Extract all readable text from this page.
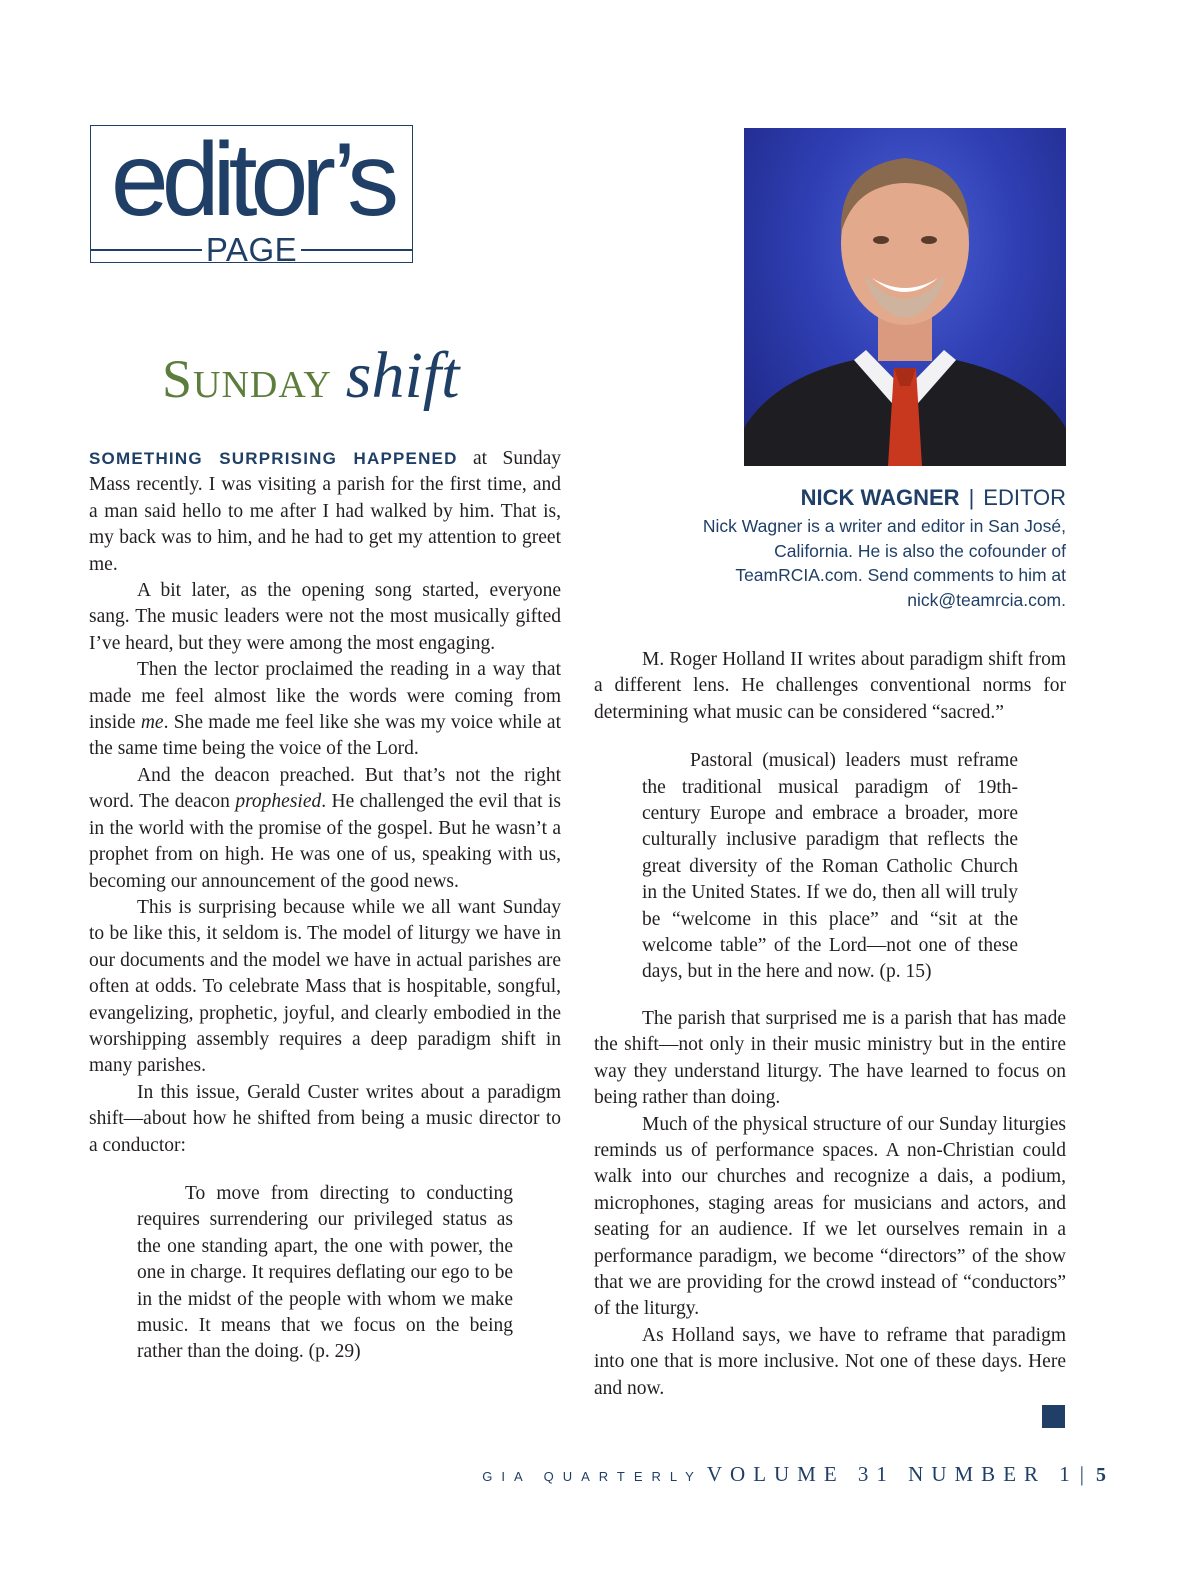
editor’s
PAGE
Sunday shift
NICK WAGNER | EDITOR
Nick Wagner is a writer and editor in San José,
California. He is also the cofounder of
TeamRCIA.com. Send comments to him at
nick@teamrcia.com.

SOMETHING SURPRISING HAPPENED at Sunday Mass recently. I was visiting a parish for the first time, and a man said hello to me after I had walked by him. That is, my back was to him, and he had to get my attention to greet me.

A bit later, as the opening song started, everyone sang. The music leaders were not the most musically gifted I’ve heard, but they were among the most engaging.

Then the lector proclaimed the reading in a way that made me feel almost like the words were coming from inside me. She made me feel like she was my voice while at the same time being the voice of the Lord.

And the deacon preached. But that’s not the right word. The deacon prophesied. He challenged the evil that is in the world with the promise of the gospel. But he wasn’t a prophet from on high. He was one of us, speaking with us, becoming our announcement of the good news.

This is surprising because while we all want Sunday to be like this, it seldom is. The model of liturgy we have in our documents and the model we have in actual parishes are often at odds. To celebrate Mass that is hospitable, songful, evangelizing, prophetic, joyful, and clearly embodied in the worshipping assembly requires a deep paradigm shift in many parishes.

In this issue, Gerald Custer writes about a paradigm shift—about how he shifted from being a music director to a conductor:

To move from directing to conducting requires surrendering our privileged status as the one standing apart, the one with power, the one in charge. It requires deflating our ego to be in the midst of the people with whom we make music. It means that we focus on the being rather than the doing. (p. 29)

M. Roger Holland II writes about paradigm shift from a different lens. He challenges conventional norms for determining what music can be considered “sacred.”

Pastoral (musical) leaders must reframe the traditional musical paradigm of 19th-century Europe and embrace a broader, more culturally inclusive paradigm that reflects the great diversity of the Roman Catholic Church in the United States. If we do, then all will truly be “welcome in this place” and “sit at the welcome table” of the Lord—not one of these days, but in the here and now. (p. 15)

The parish that surprised me is a parish that has made the shift—not only in their music ministry but in the entire way they understand liturgy. The have learned to focus on being rather than doing.

Much of the physical structure of our Sunday liturgies reminds us of performance spaces. A non-Christian could walk into our churches and recognize a dais, a podium, microphones, staging areas for musicians and actors, and seating for an audience. If we let ourselves remain in a performance paradigm, we become “directors” of the show that we are providing for the crowd instead of “conductors” of the liturgy.

As Holland says, we have to reframe that paradigm into one that is more inclusive. Not one of these days. Here and now.

GIA QUARTERLY VOLUME 31 NUMBER 1| 5
